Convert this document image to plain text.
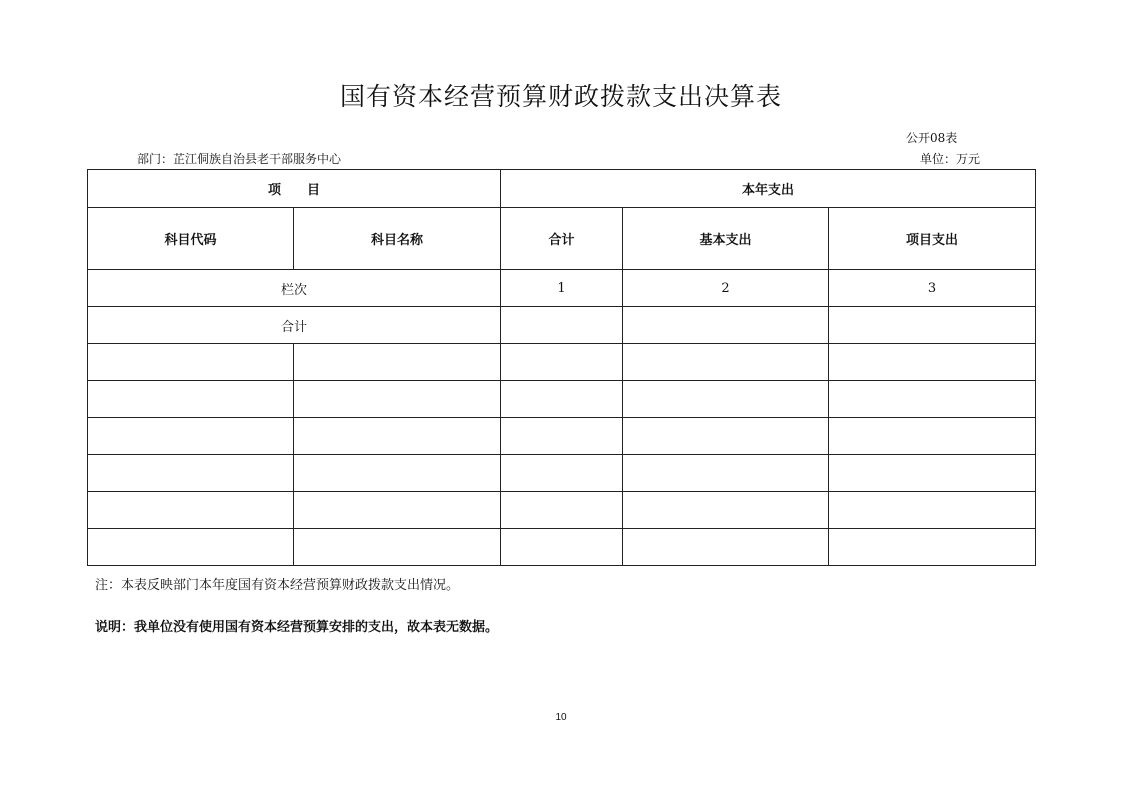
国有资本经营预算财政拨款支出决算表
公开08表
部门：芷江侗族自治县老干部服务中心	单位：万元
项　　目		本年支出		
科目代码	科目名称	合计	基本支出	项目支出
栏次		1	2	3
合计				

注：本表反映部门本年度国有资本经营预算财政拨款支出情况。
说明：我单位没有使用国有资本经营预算安排的支出，故本表无数据。
10
